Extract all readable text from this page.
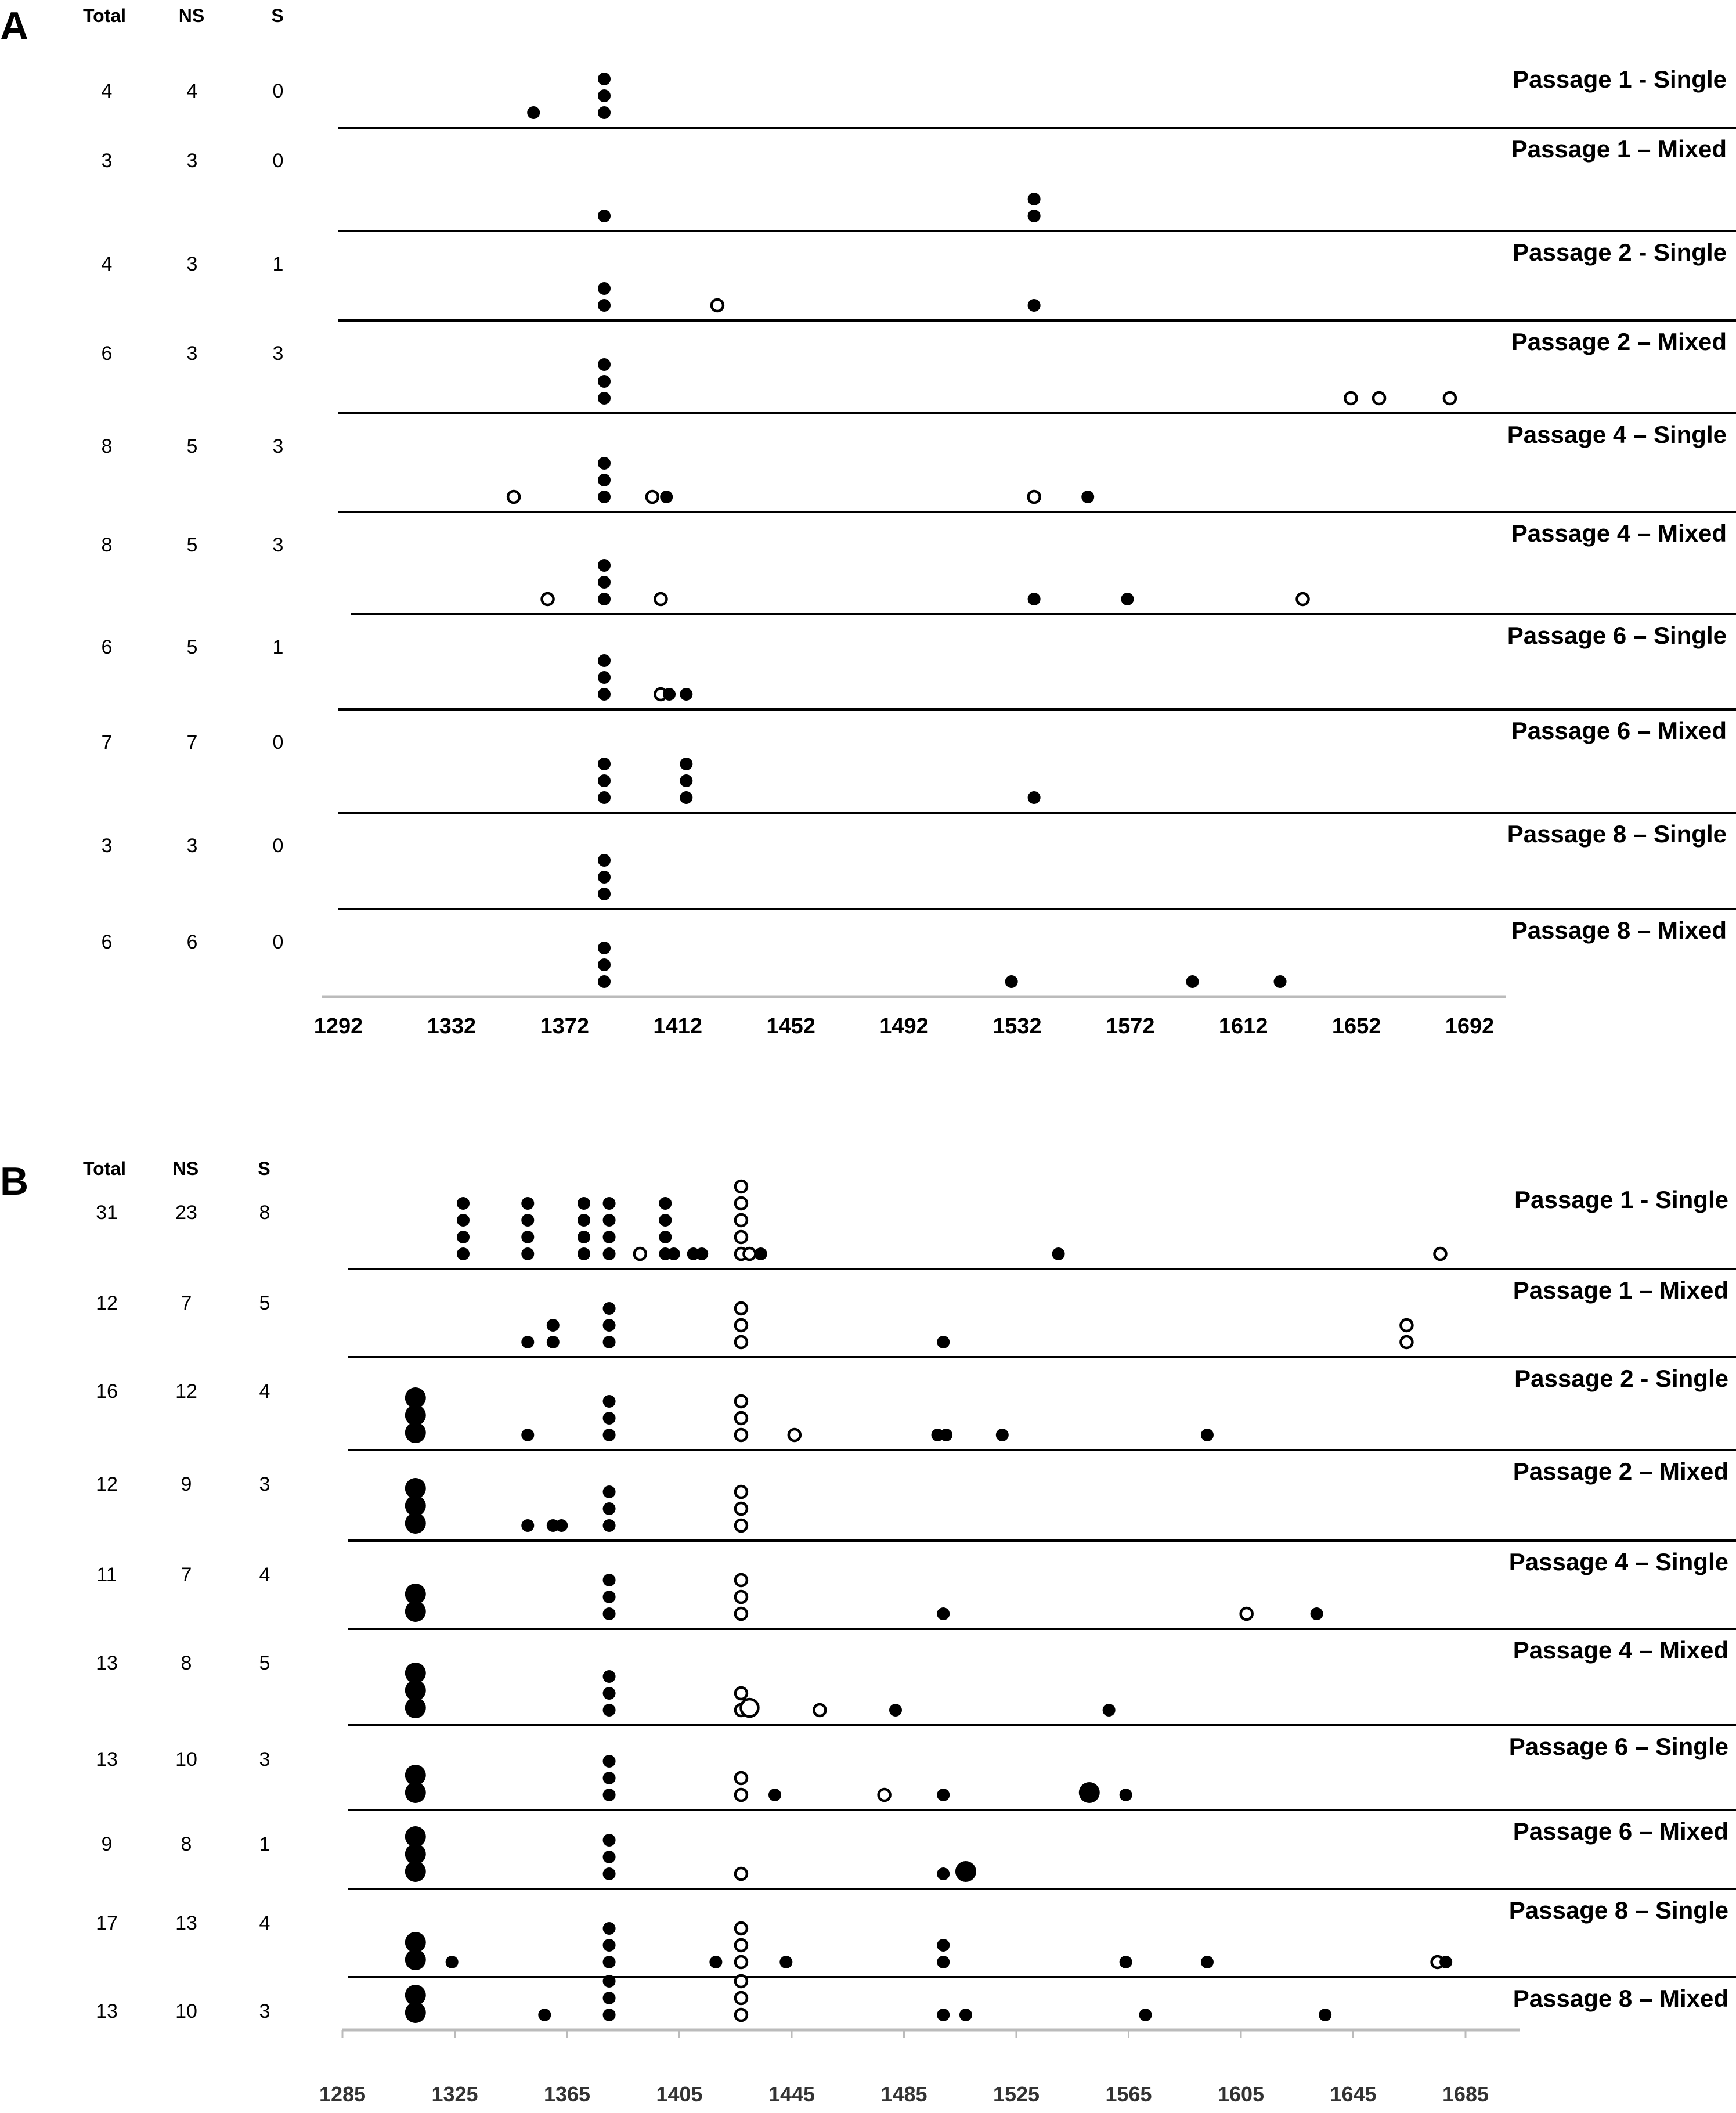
A	Total	NS	S
B	Total	NS	S
1292	1332	1372	1412	1452	1492	1532	1572	1612	1652	1692
4	4	0	Passage 1 - Single
3	3	0	Passage 1 – Mixed
4	3	1	Passage 2 - Single
6	3	3	Passage 2 – Mixed
8	5	3	Passage 4 – Single
8	5	3	Passage 4 – Mixed
6	5	1	Passage 6 – Single
7	7	0	Passage 6 – Mixed
3	3	0	Passage 8 – Single
6	6	0	Passage 8 – Mixed
1285	1325	1365	1405	1445	1485	1525	1565	1605	1645	1685
31	23	8	Passage 1 - Single
12	7	5	Passage 1 – Mixed
16	12	4	Passage 2 - Single
12	9	3	Passage 2 – Mixed
11	7	4	Passage 4 – Single
13	8	5	Passage 4 – Mixed
13	10	3	Passage 6 – Single
9	8	1	Passage 6 – Mixed
17	13	4	Passage 8 – Single
13	10	3	Passage 8 – Mixed
